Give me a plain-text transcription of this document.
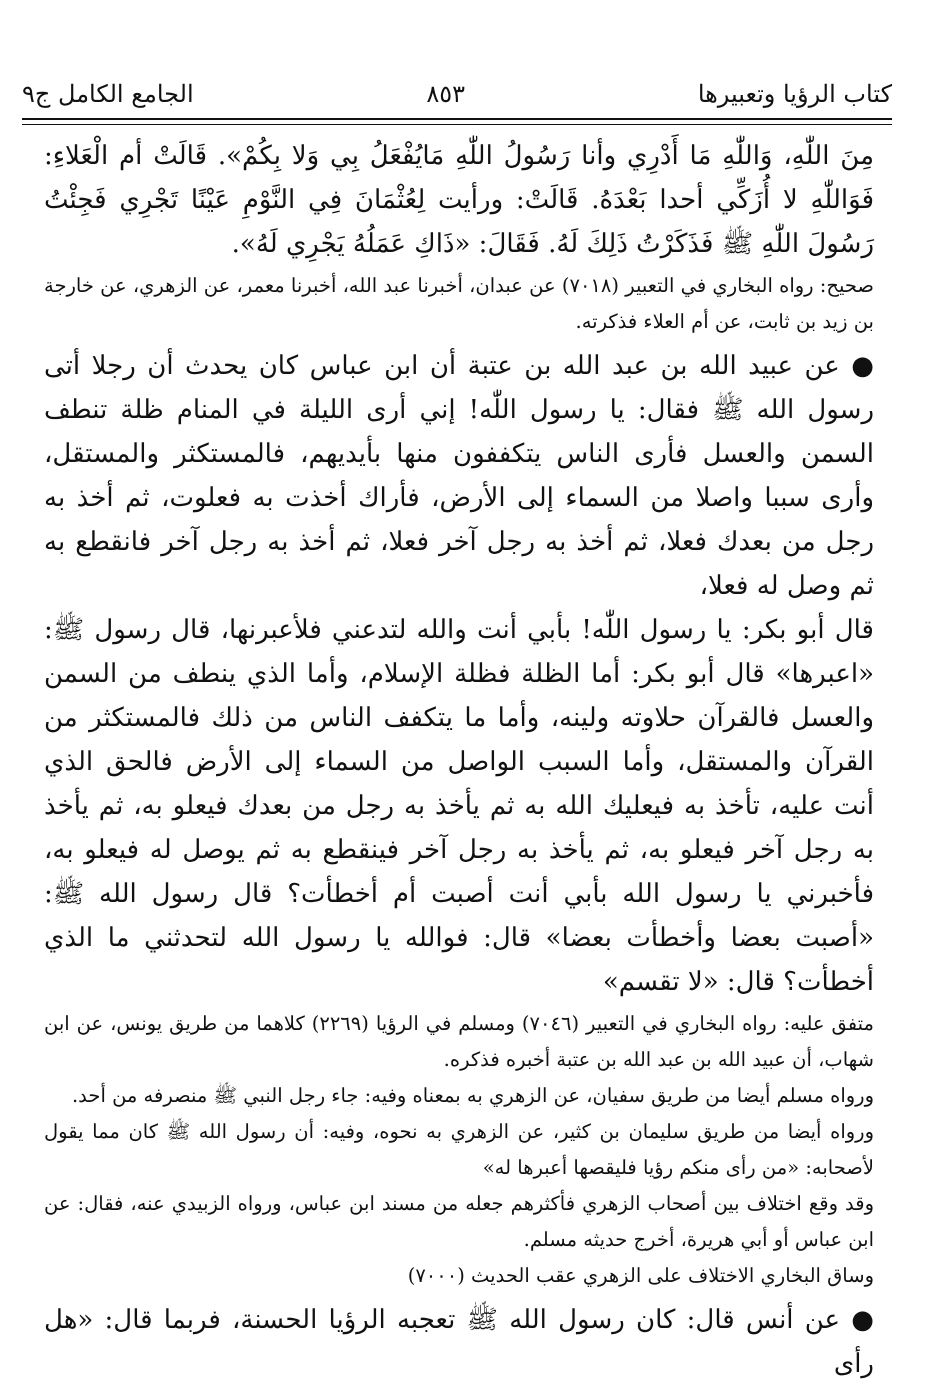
الجامع الكامل ج٩	٨٥٣	كتاب الرؤيا وتعبيرها

مِنَ اللّٰهِ، وَاللّٰهِ مَا أَدْرِي وأنا رَسُولُ اللّٰهِ مَايُفْعَلُ بِي وَلا بِكُمْ». قَالَتْ أم الْعَلاءِ: فَوَاللّٰهِ لا أُزَكِّي أحدا بَعْدَهُ. قَالَتْ: ورأيت لِعُثْمَانَ فِي النَّوْمِ عَيْنًا تَجْرِي فَجِئْتُ رَسُولَ اللّٰهِ ﷺ فَذَكَرْتُ ذَلِكَ لَهُ. فَقَالَ: «ذَاكِ عَمَلُهُ يَجْرِي لَهُ».

صحيح: رواه البخاري في التعبير (٧٠١٨) عن عبدان، أخبرنا عبد الله، أخبرنا معمر، عن الزهري، عن خارجة بن زيد بن ثابت، عن أم العلاء فذكرته.

● عن عبيد الله بن عبد الله بن عتبة أن ابن عباس كان يحدث أن رجلا أتى رسول الله ﷺ فقال: يا رسول اللّٰه! إني أرى الليلة في المنام ظلة تنطف السمن والعسل فأرى الناس يتكففون منها بأيديهم، فالمستكثر والمستقل، وأرى سببا واصلا من السماء إلى الأرض، فأراك أخذت به فعلوت، ثم أخذ به رجل من بعدك فعلا، ثم أخذ به رجل آخر فعلا، ثم أخذ به رجل آخر فانقطع به ثم وصل له فعلا،

قال أبو بكر: يا رسول اللّٰه! بأبي أنت والله لتدعني فلأعبرنها، قال رسول ﷺ: «اعبرها» قال أبو بكر: أما الظلة فظلة الإسلام، وأما الذي ينطف من السمن والعسل فالقرآن حلاوته ولينه، وأما ما يتكفف الناس من ذلك فالمستكثر من القرآن والمستقل، وأما السبب الواصل من السماء إلى الأرض فالحق الذي أنت عليه، تأخذ به فيعليك الله به ثم يأخذ به رجل من بعدك فيعلو به، ثم يأخذ به رجل آخر فيعلو به، ثم يأخذ به رجل آخر فينقطع به ثم يوصل له فيعلو به، فأخبرني يا رسول الله بأبي أنت أصبت أم أخطأت؟ قال رسول الله ﷺ: «أصبت بعضا وأخطأت بعضا» قال: فوالله يا رسول الله لتحدثني ما الذي أخطأت؟ قال: «لا تقسم»

متفق عليه: رواه البخاري في التعبير (٧٠٤٦) ومسلم في الرؤيا (٢٢٦٩) كلاهما من طريق يونس، عن ابن شهاب، أن عبيد الله بن عبد الله بن عتبة أخبره فذكره.

ورواه مسلم أيضا من طريق سفيان، عن الزهري به بمعناه وفيه: جاء رجل النبي ﷺ منصرفه من أحد.

ورواه أيضا من طريق سليمان بن كثير، عن الزهري به نحوه، وفيه: أن رسول الله ﷺ كان مما يقول لأصحابه: «من رأى منكم رؤيا فليقصها أعبرها له»

وقد وقع اختلاف بين أصحاب الزهري فأكثرهم جعله من مسند ابن عباس، ورواه الزبيدي عنه، فقال: عن ابن عباس أو أبي هريرة، أخرج حديثه مسلم.

وساق البخاري الاختلاف على الزهري عقب الحديث (٧٠٠٠)

● عن أنس قال: كان رسول الله ﷺ تعجبه الرؤيا الحسنة، فربما قال: «هل رأى
